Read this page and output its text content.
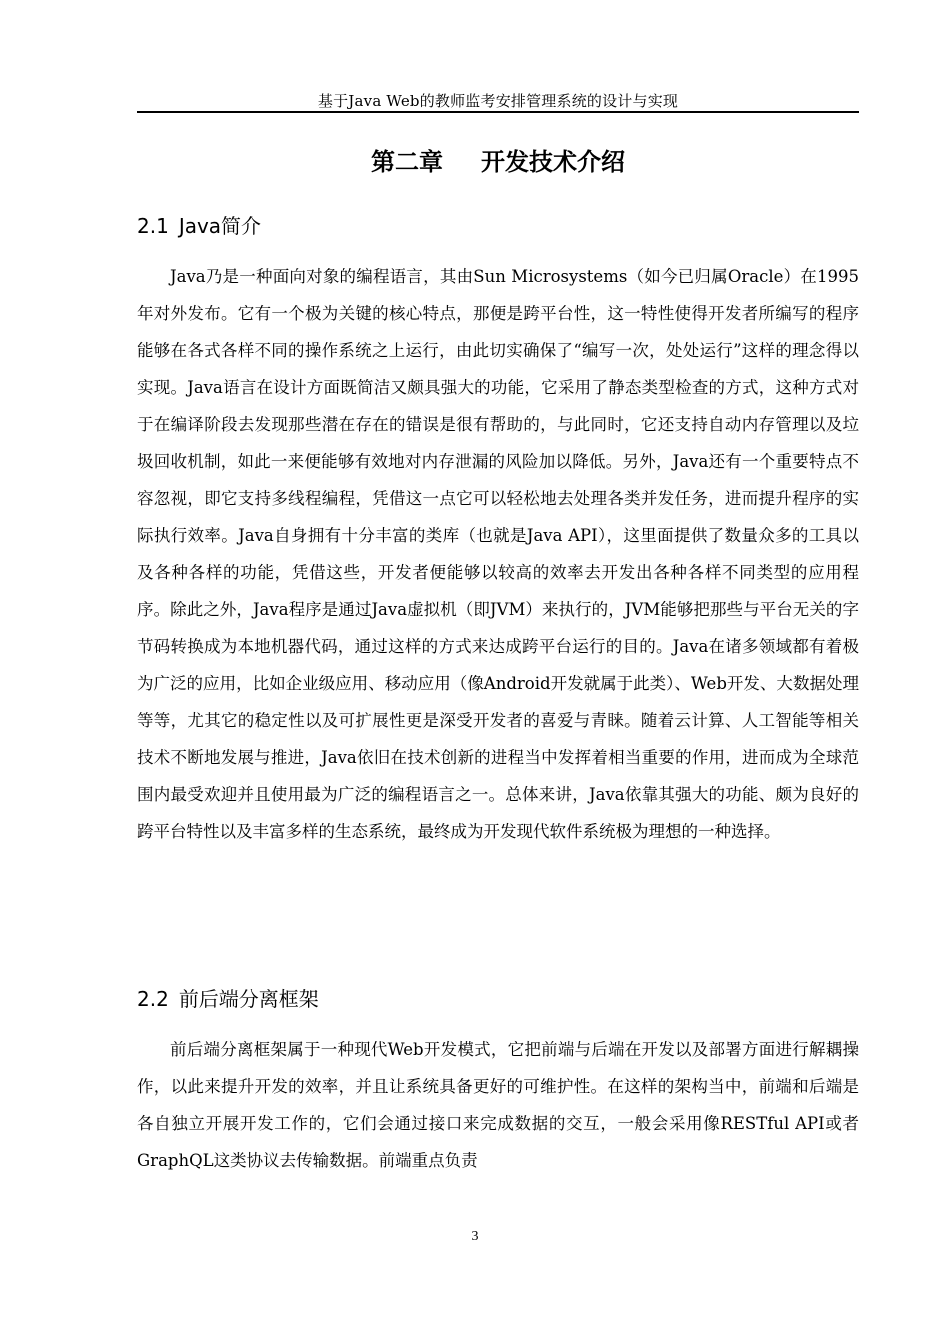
基于Java Web的教师监考安排管理系统的设计与实现
第二章 开发技术介绍
2.1 Java简介

Java乃是一种面向对象的编程语言，其由Sun Microsystems（如今已归属Oracle）在1995年对外发布。它有一个极为关键的核心特点，那便是跨平台性，这一特性使得开发者所编写的程序能够在各式各样不同的操作系统之上运行，由此切实确保了“编写一次，处处运行”这样的理念得以实现。Java语言在设计方面既简洁又颇具强大的功能，它采用了静态类型检查的方式，这种方式对于在编译阶段去发现那些潜在存在的错误是很有帮助的，与此同时，它还支持自动内存管理以及垃圾回收机制，如此一来便能够有效地对内存泄漏的风险加以降低。另外，Java还有一个重要特点不容忽视，即它支持多线程编程，凭借这一点它可以轻松地去处理各类并发任务，进而提升程序的实际执行效率。Java自身拥有十分丰富的类库（也就是Java API），这里面提供了数量众多的工具以及各种各样的功能，凭借这些，开发者便能够以较高的效率去开发出各种各样不同类型的应用程序。除此之外，Java程序是通过Java虚拟机（即JVM）来执行的，JVM能够把那些与平台无关的字节码转换成为本地机器代码，通过这样的方式来达成跨平台运行的目的。Java在诸多领域都有着极为广泛的应用，比如企业级应用、移动应用（像Android开发就属于此类）、Web开发、大数据处理等等，尤其它的稳定性以及可扩展性更是深受开发者的喜爱与青睐。随着云计算、人工智能等相关技术不断地发展与推进，Java依旧在技术创新的进程当中发挥着相当重要的作用，进而成为全球范围内最受欢迎并且使用最为广泛的编程语言之一。总体来讲，Java依靠其强大的功能、颇为良好的跨平台特性以及丰富多样的生态系统，最终成为开发现代软件系统极为理想的一种选择。

2.2 前后端分离框架

前后端分离框架属于一种现代Web开发模式，它把前端与后端在开发以及部署方面进行解耦操作，以此来提升开发的效率，并且让系统具备更好的可维护性。在这样的架构当中，前端和后端是各自独立开展开发工作的，它们会通过接口来完成数据的交互，一般会采用像RESTful API或者GraphQL这类协议去传输数据。前端重点负责

3
